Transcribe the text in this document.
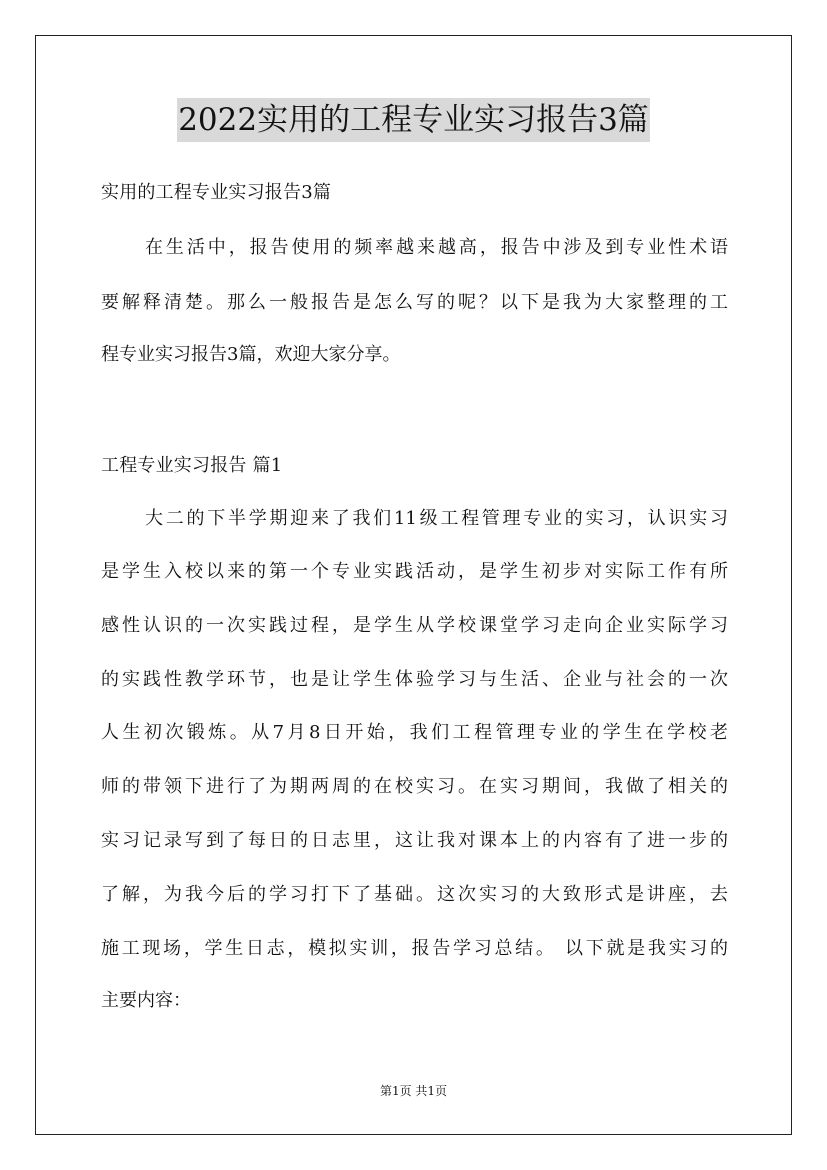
2022实用的工程专业实习报告3篇
实用的工程专业实习报告3篇
在生活中，报告使用的频率越来越高，报告中涉及到专业性术语
要解释清楚。那么一般报告是怎么写的呢？以下是我为大家整理的工
程专业实习报告3篇，欢迎大家分享。
工程专业实习报告 篇1
大二的下半学期迎来了我们11级工程管理专业的实习，认识实习
是学生入校以来的第一个专业实践活动，是学生初步对实际工作有所
感性认识的一次实践过程，是学生从学校课堂学习走向企业实际学习
的实践性教学环节，也是让学生体验学习与生活、企业与社会的一次
人生初次锻炼。从7月8日开始，我们工程管理专业的学生在学校老
师的带领下进行了为期两周的在校实习。在实习期间，我做了相关的
实习记录写到了每日的日志里，这让我对课本上的内容有了进一步的
了解，为我今后的学习打下了基础。这次实习的大致形式是讲座，去
施工现场，学生日志，模拟实训，报告学习总结。 以下就是我实习的
主要内容：
第1页 共1页
